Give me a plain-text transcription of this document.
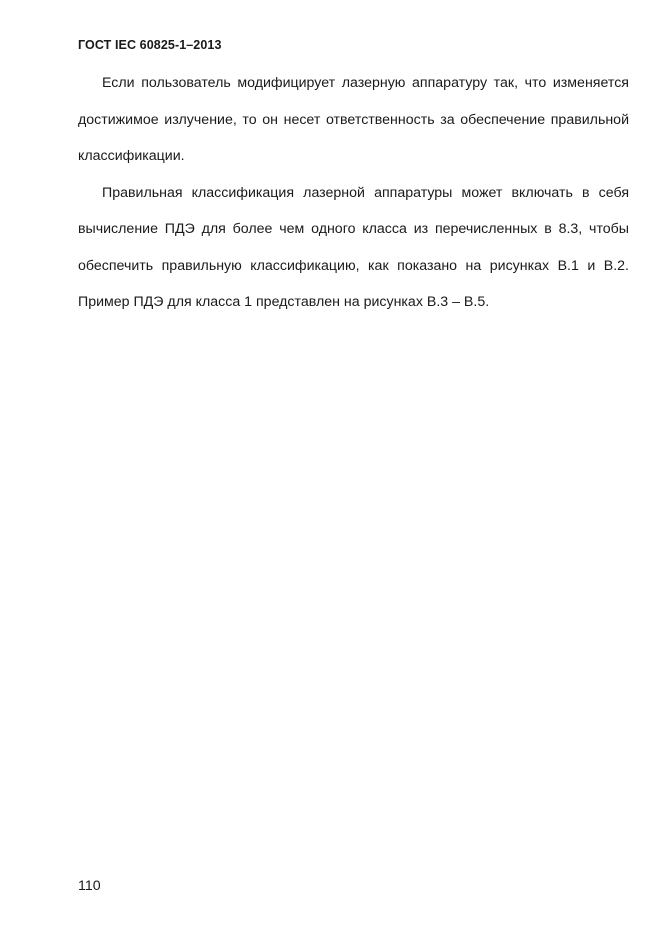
ГОСТ IEC 60825-1–2013

Если пользователь модифицирует лазерную аппаратуру так, что изменяется достижимое излучение, то он несет ответственность за обеспечение правильной классификации.

Правильная классификация лазерной аппаратуры может включать в себя вычисление ПДЭ для более чем одного класса из перечисленных в 8.3, чтобы обеспечить правильную классификацию, как показано на рисунках В.1 и В.2. Пример ПДЭ для класса 1 представлен на рисунках В.3 – В.5.

110
